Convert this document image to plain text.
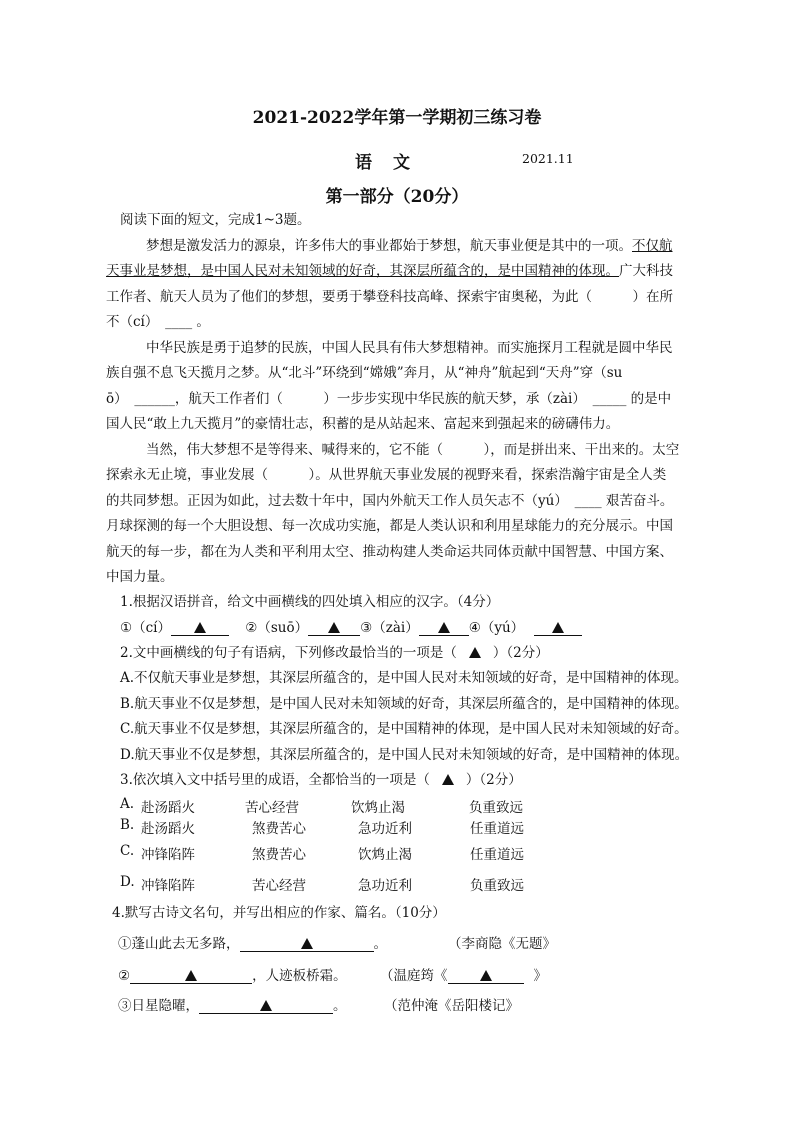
2021-2022学年第一学期初三练习卷
语　文	2021.11
第一部分（20分）
阅读下面的短文，完成1~3题。
梦想是激发活力的源泉，许多伟大的事业都始于梦想，航天事业便是其中的一项。不仅航
天事业是梦想，是中国人民对未知领域的好奇，其深层所蕴含的，是中国精神的体现。广大科技
工作者、航天人员为了他们的梦想，要勇于攀登科技高峰、探索宇宙奥秘，为此（　　　）在所
不（cí）　____ 。
中华民族是勇于追梦的民族，中国人民具有伟大梦想精神。而实施探月工程就是圆中华民
族自强不息飞天揽月之梦。从“北斗”环绕到“嫦娥”奔月，从“神舟”航起到“天舟”穿（su
ō）　______，航天工作者们（　　　）一步步实现中华民族的航天梦，承（zài）　_____ 的是中
国人民“敢上九天揽月”的豪情壮志，积蓄的是从站起来、富起来到强起来的磅礴伟力。
当然，伟大梦想不是等得来、喊得来的，它不能（　　　），而是拼出来、干出来的。太空
探索永无止境，事业发展（　　　）。从世界航天事业发展的视野来看，探索浩瀚宇宙是全人类
的共同梦想。正因为如此，过去数十年中，国内外航天工作人员矢志不（yú）　____ 艰苦奋斗。
月球探测的每一个大胆设想、每一次成功实施，都是人类认识和利用星球能力的充分展示。中国
航天的每一步，都在为人类和平利用太空、推动构建人类命运共同体贡献中国智慧、中国方案、
中国力量。
1.根据汉语拼音，给文中画横线的四处填入相应的汉字。（4分）
①（cí）	②（suō）	③（zài）	④（yú）
2.文中画横线的句子有语病，下列修改最恰当的一项是（	）（2分）
A.不仅航天事业是梦想，其深层所蕴含的，是中国人民对未知领域的好奇，是中国精神的体现。
B.航天事业不仅是梦想，是中国人民对未知领域的好奇，其深层所蕴含的，是中国精神的体现。
C.航天事业不仅是梦想，其深层所蕴含的，是中国精神的体现，是中国人民对未知领域的好奇。
D.航天事业不仅是梦想，其深层所蕴含的，是中国人民对未知领域的好奇，是中国精神的体现。
3.依次填入文中括号里的成语，全都恰当的一项是（	）（2分）
A. 赴汤蹈火	苦心经营	饮鸩止渴	负重致远
B. 赴汤蹈火	煞费苦心	急功近利	任重道远
C. 冲锋陷阵	煞费苦心	饮鸩止渴	任重道远
D. 冲锋陷阵	苦心经营	急功近利	负重致远
4.默写古诗文名句，并写出相应的作家、篇名。（10分）
①蓬山此去无多路，	。	（李商隐《无题》
②	，人迹板桥霜。 （温庭筠《	》
③日星隐曜，	。	（范仲淹《岳阳楼记》
